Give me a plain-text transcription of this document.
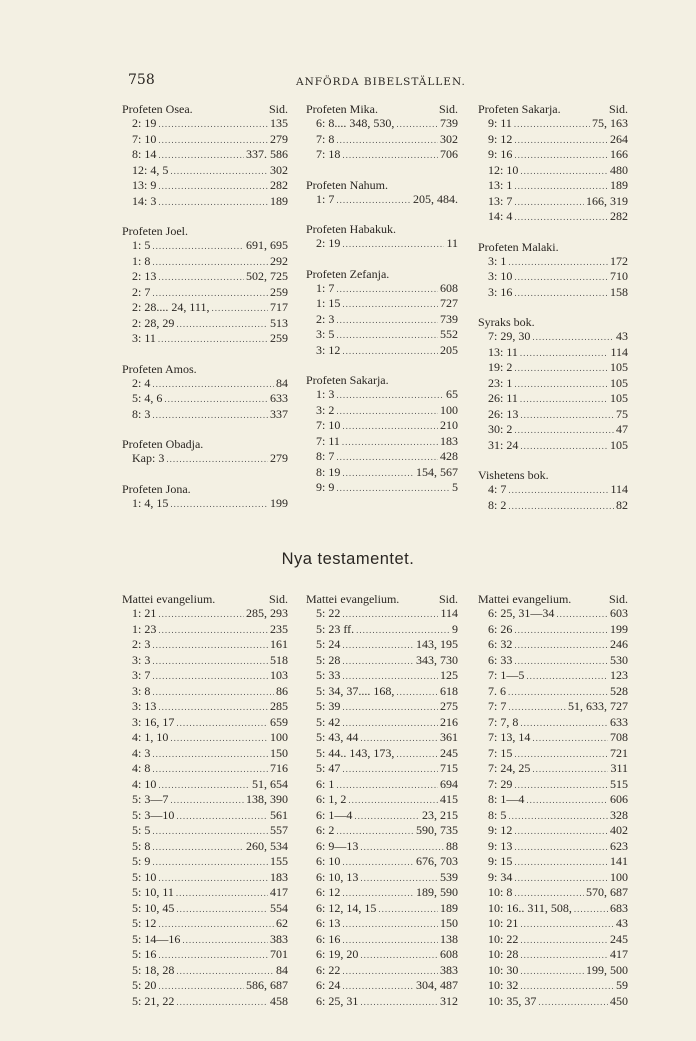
758	ANFÖRDA BIBELSTÄLLEN.
Profeten Osea.	Sid.
2: 19 .....	135
7: 10 .....	279
8: 14 .....	337. 586
12: 4, 5 .....	302
13: 9 .....	282
14: 3 .....	189
Profeten Joel.
1: 5 .....	691, 695
1: 8 .....	292
2: 13 .....	502, 725
2: 7 .....	259
2: 28.... 24, 111, .....	717
2: 28, 29 .....	513
3: 11 .....	259
Profeten Amos.
2: 4 .....	84
5: 4, 6 .....	633
8: 3 .....	337
Profeten Obadja.
Kap: 3 .....	279
Profeten Jona.
1: 4, 15 .....	199
Profeten Mika.	Sid.
6: 8.... 348, 530, .....	739
7: 8 .....	302
7: 18 .....	706
Profeten Nahum.
1: 7 .....	205, 484.
Profeten Habakuk.
2: 19 .....	11
Profeten Zefanja.
1: 7 .....	608
1: 15 .....	727
2: 3 .....	739
3: 5 .....	552
3: 12 .....	205
Profeten Sakarja.
1: 3 .....	65
3: 2 .....	100
7: 10 .....	210
7: 11 .....	183
8: 7 .....	428
8: 19 .....	154, 567
9: 9 .....	5
Profeten Sakarja.	Sid.
9: 11 .....	75, 163
9: 12 .....	264
9: 16 .....	166
12: 10 .....	480
13: 1 .....	189
13: 7 .....	166, 319
14: 4 .....	282
Profeten Malaki.
3: 1 .....	172
3: 10 .....	710
3: 16 .....	158
Syraks bok.
7: 29, 30 .....	43
13: 11 .....	114
19: 2 .....	105
23: 1 .....	105
26: 11 .....	105
26: 13 .....	75
30: 2 .....	47
31: 24 .....	105
Vishetens bok.
4: 7 .....	114
8: 2 .....	82
Nya testamentet.
Mattei evangelium.	Sid.
1: 21 .....	285, 293
1: 23 .....	235
2: 3 .....	161
3: 3 .....	518
3: 7 .....	103
3: 8 .....	86
3: 13 .....	285
3: 16, 17 .....	659
4: 1, 10 .....	100
4: 3 .....	150
4: 8 .....	716
4: 10 .....	51, 654
5: 3—7 .....	138, 390
5: 3—10 .....	561
5: 5 .....	557
5: 8 .....	260, 534
5: 9 .....	155
5: 10 .....	183
5: 10, 11 .....	417
5: 10, 45 .....	554
5: 12 .....	62
5: 14—16 .....	383
5: 16 .....	701
5: 18, 28 .....	84
5: 20 .....	586, 687
5: 21, 22 .....	458
Mattei evangelium.	Sid.
5: 22 .....	114
5: 23 ff. .....	9
5: 24 .....	143, 195
5: 28 .....	343, 730
5: 33 .....	125
5: 34, 37.... 168, .....	618
5: 39 .....	275
5: 42 .....	216
5: 43, 44 .....	361
5: 44.. 143, 173, .....	245
5: 47 .....	715
6: 1 .....	694
6: 1, 2 .....	415
6: 1—4 .....	23, 215
6: 2 .....	590, 735
6: 9—13 .....	88
6: 10 .....	676, 703
6: 10, 13 .....	539
6: 12 .....	189, 590
6: 12, 14, 15 .....	189
6: 13 .....	150
6: 16 .....	138
6: 19, 20 .....	608
6: 22 .....	383
6: 24 .....	304, 487
6: 25, 31 .....	312
Mattei evangelium.	Sid.
6: 25, 31—34 .....	603
6: 26 .....	199
6: 32 .....	246
6: 33 .....	530
7: 1—5 .....	123
7. 6 .....	528
7: 7 .....	51, 633, 727
7: 7, 8 .....	633
7: 13, 14 .....	708
7: 15 .....	721
7: 24, 25 .....	311
7: 29 .....	515
8: 1—4 .....	606
8: 5 .....	328
9: 12 .....	402
9: 13 .....	623
9: 15 .....	141
9: 34 .....	100
10: 8 .....	570, 687
10: 16.. 311, 508, .....	683
10: 21 .....	43
10: 22 .....	245
10: 28 .....	417
10: 30 .....	199, 500
10: 32 .....	59
10: 35, 37 .....	450
